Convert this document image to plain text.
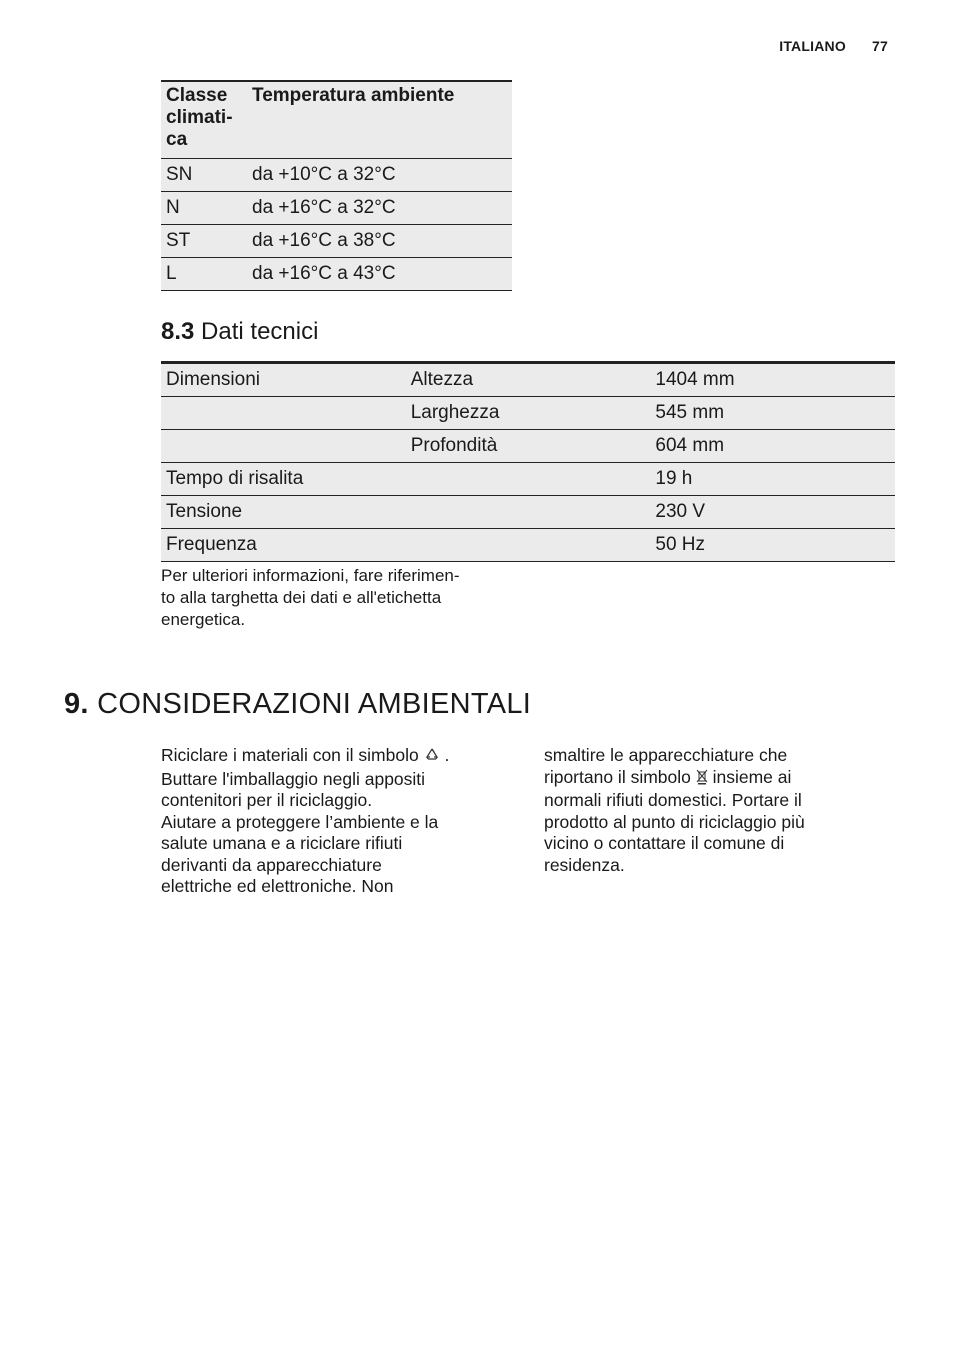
ITALIANO 77
Classe
climati-
ca	Temperatura ambiente
SN	da +10°C a 32°C
N	da +16°C a 32°C
ST	da +16°C a 38°C
L	da +16°C a 43°C
8.3 Dati tecnici
Dimensioni	Altezza	1404 mm
	Larghezza	545 mm
	Profondità	604 mm
Tempo di risalita		19 h
Tensione		230 V
Frequenza		50 Hz

Per ulteriori informazioni, fare riferimen-
to alla targhetta dei dati e all'etichetta
energetica.

9. CONSIDERAZIONI AMBIENTALI

Riciclare i materiali con il simbolo  .
Buttare l'imballaggio negli appositi
contenitori per il riciclaggio.
Aiutare a proteggere l’ambiente e la
salute umana e a riciclare rifiuti
derivanti da apparecchiature
elettriche ed elettroniche. Non

smaltire le apparecchiature che
riportano il simbolo  insieme ai
normali rifiuti domestici. Portare il
prodotto al punto di riciclaggio più
vicino o contattare il comune di
residenza.
